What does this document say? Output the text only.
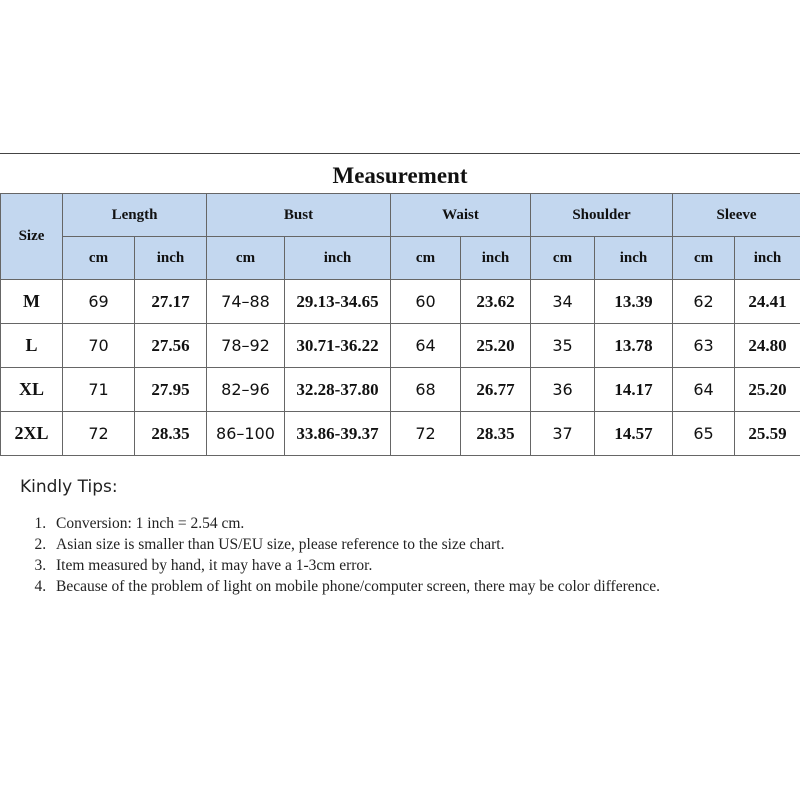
Measurement
Size	Length		Bust		Waist		Shoulder		Sleeve	
	cm	inch	cm	inch	cm	inch	cm	inch	cm	inch
M	69	27.17	74–88	29.13-34.65	60	23.62	34	13.39	62	24.41
L	70	27.56	78–92	30.71-36.22	64	25.20	35	13.78	63	24.80
XL	71	27.95	82–96	32.28-37.80	68	26.77	36	14.17	64	25.20
2XL	72	28.35	86–100	33.86-39.37	72	28.35	37	14.57	65	25.59
Kindly Tips:
1. Conversion: 1 inch = 2.54 cm.
2. Asian size is smaller than US/EU size, please reference to the size chart.
3. Item measured by hand, it may have a 1-3cm error.
4. Because of the problem of light on mobile phone/computer screen, there may be color difference.
